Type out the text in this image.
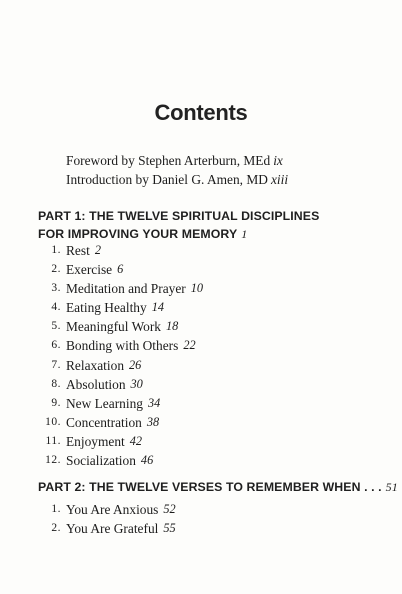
Contents
Foreword by Stephen Arterburn, MEd ix
Introduction by Daniel G. Amen, MD xiii
PART 1: THE TWELVE SPIRITUAL DISCIPLINES
FOR IMPROVING YOUR MEMORY 1
1. Rest 2
2. Exercise 6
3. Meditation and Prayer 10
4. Eating Healthy 14
5. Meaningful Work 18
6. Bonding with Others 22
7. Relaxation 26
8. Absolution 30
9. New Learning 34
10. Concentration 38
11. Enjoyment 42
12. Socialization 46
PART 2: THE TWELVE VERSES TO REMEMBER WHEN . . . 51
1. You Are Anxious 52
2. You Are Grateful 55
